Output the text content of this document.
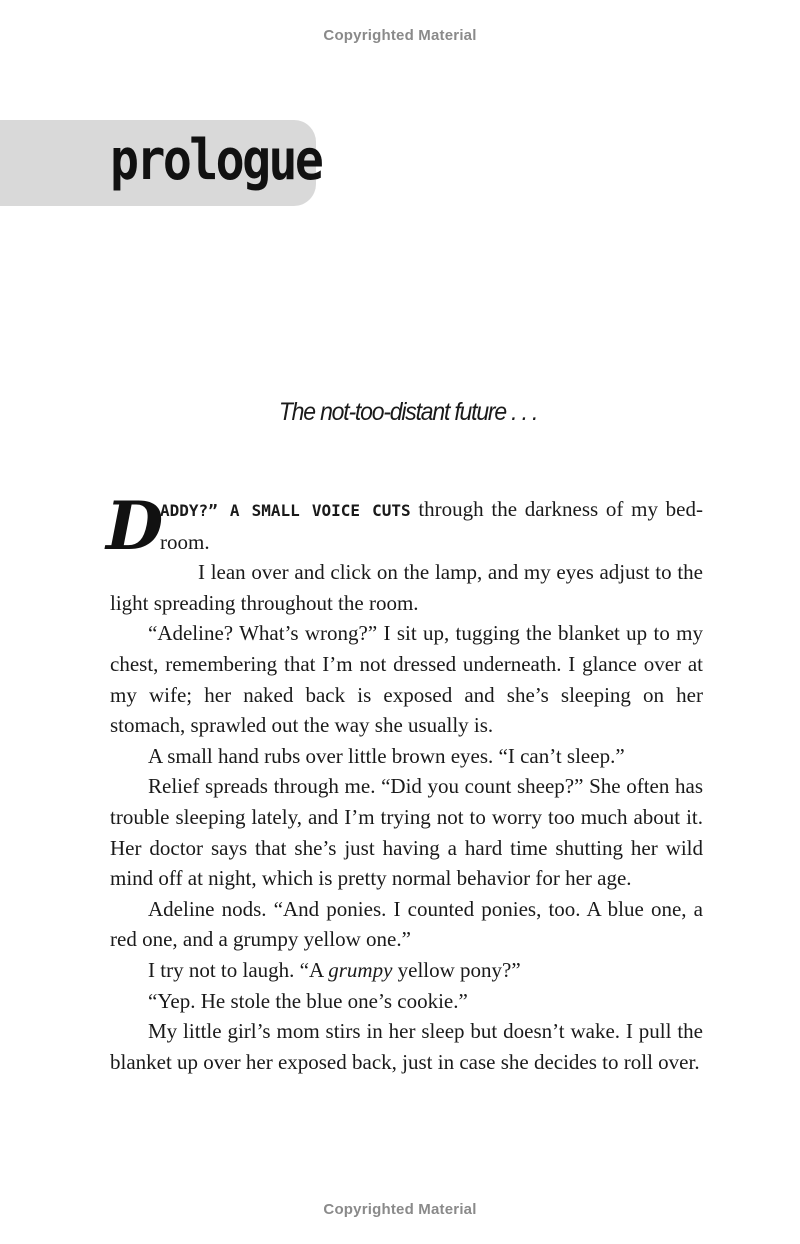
Copyrighted Material
prologue
The not-too-distant future . . .

D
ADDY?” A SMALL VOICE CUTS through the darkness of my bedroom.

I lean over and click on the lamp, and my eyes adjust to the light spreading throughout the room.

“Adeline? What’s wrong?” I sit up, tugging the blanket up to my chest, remembering that I’m not dressed underneath. I glance over at my wife; her naked back is exposed and she’s sleeping on her stomach, sprawled out the way she usually is.

A small hand rubs over little brown eyes. “I can’t sleep.”

Relief spreads through me. “Did you count sheep?” She often has trouble sleeping lately, and I’m trying not to worry too much about it. Her doctor says that she’s just having a hard time shutting her wild mind off at night, which is pretty normal behavior for her age.

Adeline nods. “And ponies. I counted ponies, too. A blue one, a red one, and a grumpy yellow one.”

I try not to laugh. “A grumpy yellow pony?”

“Yep. He stole the blue one’s cookie.”

My little girl’s mom stirs in her sleep but doesn’t wake. I pull the blanket up over her exposed back, just in case she decides to roll over.

Copyrighted Material
